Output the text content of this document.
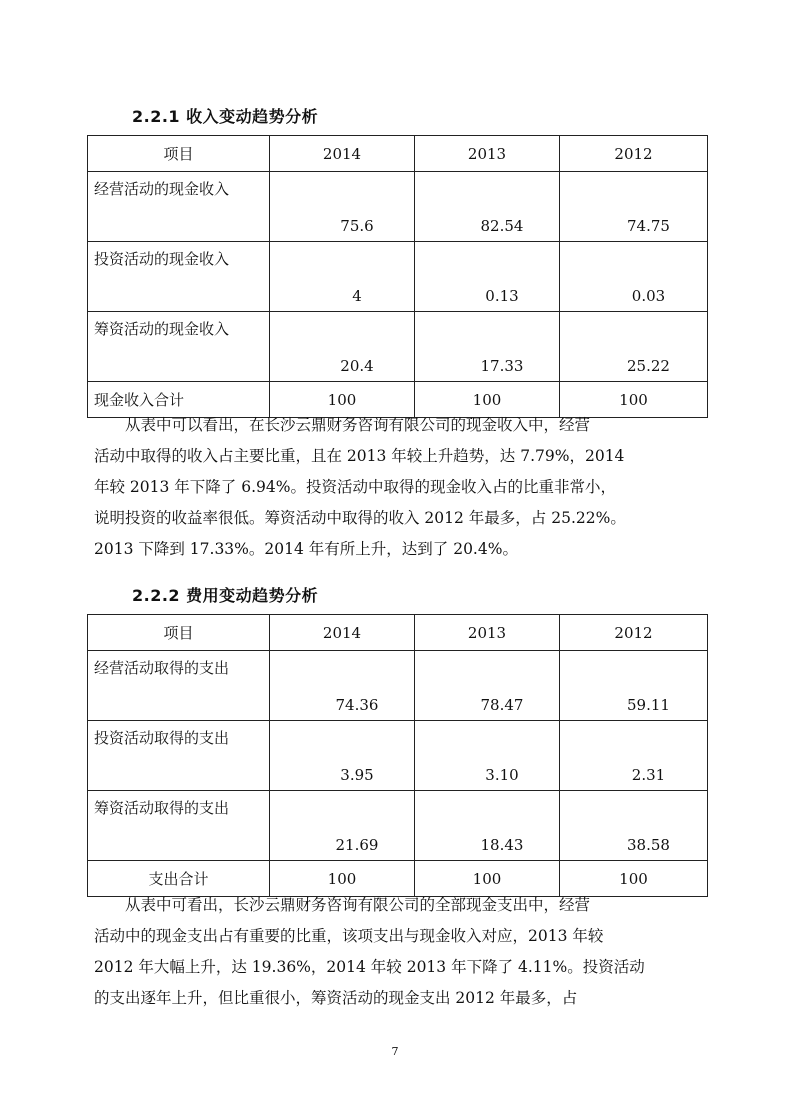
2.2.1 收入变动趋势分析
项目	2014	2013	2012
经营活动的现金收入	75.6	82.54	74.75
投资活动的现金收入	4	0.13	0.03
筹资活动的现金收入	20.4	17.33	25.22
现金收入合计	100	100	100
　　从表中可以看出，在长沙云鼎财务咨询有限公司的现金收入中，经营
活动中取得的收入占主要比重，且在 2013 年较上升趋势，达 7.79%，2014
年较 2013 年下降了 6.94%。投资活动中取得的现金收入占的比重非常小，
说明投资的收益率很低。筹资活动中取得的收入 2012 年最多，占 25.22%。
2013 下降到 17.33%。2014 年有所上升，达到了 20.4%。
2.2.2 费用变动趋势分析
项目	2014	2013	2012
经营活动取得的支出	74.36	78.47	59.11
投资活动取得的支出	3.95	3.10	2.31
筹资活动取得的支出	21.69	18.43	38.58
支出合计	100	100	100
　　从表中可看出，长沙云鼎财务咨询有限公司的全部现金支出中，经营
活动中的现金支出占有重要的比重，该项支出与现金收入对应，2013 年较
2012 年大幅上升，达 19.36%，2014 年较 2013 年下降了 4.11%。投资活动
的支出逐年上升，但比重很小，筹资活动的现金支出 2012 年最多，占
7
